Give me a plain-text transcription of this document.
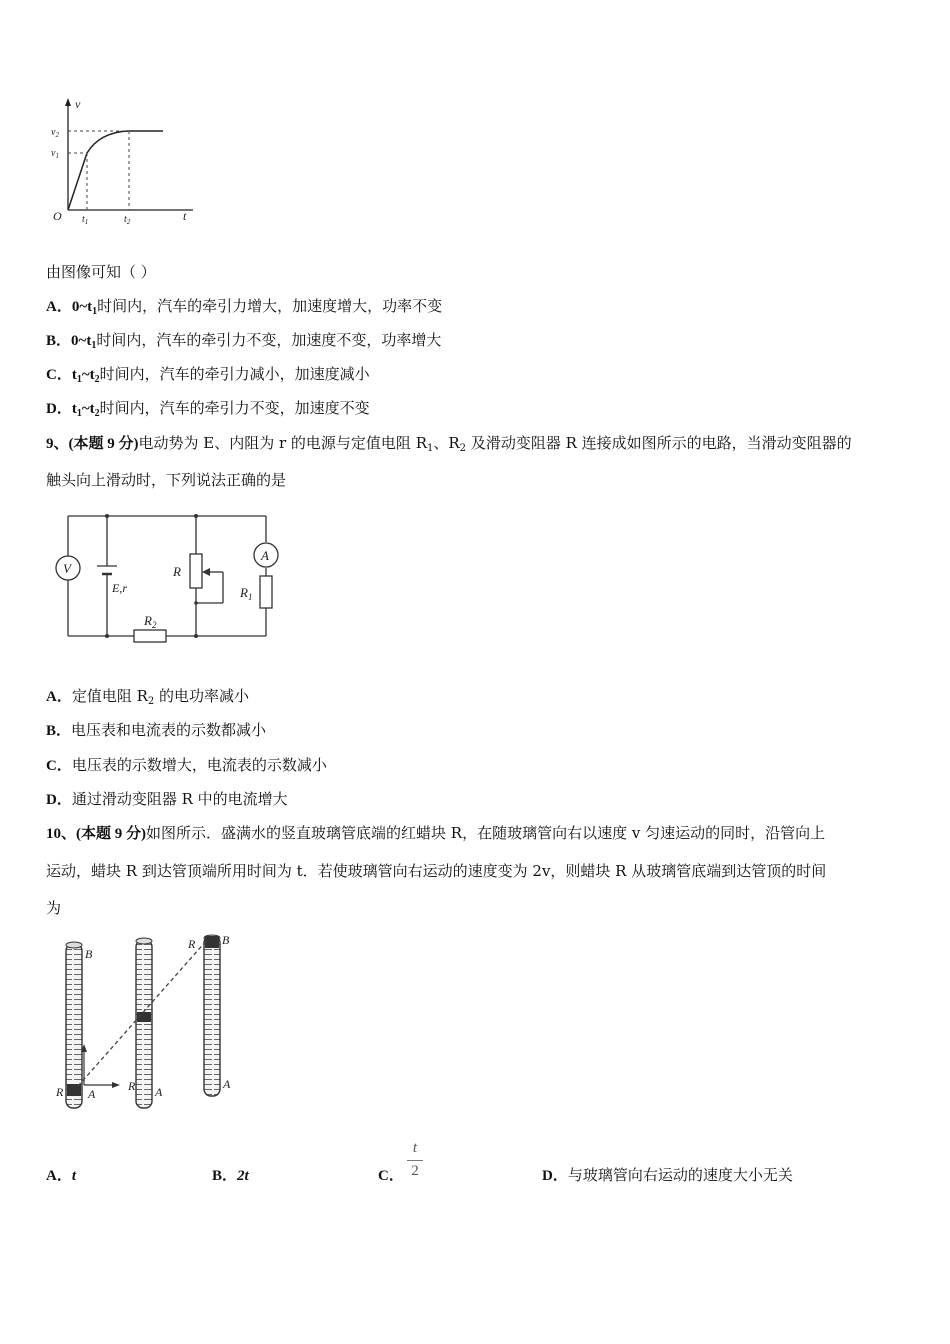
v
t
O
$v_2$
$v_1$
$t_1$	$t_2$
由图像可知（ ）
A．$0\sim t_1$时间内，汽车的牵引力增大，加速度增大，功率不变
B．$0\sim t_1$时间内，汽车的牵引力不变，加速度不变，功率增大
C．$t_1\sim t_2$时间内，汽车的牵引力减小，加速度减小
D．$t_1\sim t_2$时间内，汽车的牵引力不变，加速度不变
9、(本题 9 分)电动势为 E、内阻为 r 的电源与定值电阻 $R_1$、$R_2$ 及滑动变阻器 R 连接成如图所示的电路，当滑动变阻器的
触头向上滑动时，下列说法正确的是
V
E,r
R
A
$R_1$
$R_2$
A．定值电阻 $R_2$ 的电功率减小
B．电压表和电流表的示数都减小
C．电压表的示数增大，电流表的示数减小
D．通过滑动变阻器 R 中的电流增大
10、(本题 9 分)如图所示．盛满水的竖直玻璃管底端的红蜡块 R，在随玻璃管向右以速度 v 匀速运动的同时，沿管向上
运动，蜡块 R 到达管顶端所用时间为 t．若使玻璃管向右运动的速度变为 2v，则蜡块 R 从玻璃管底端到达管顶的时间
为
R A
B
R A
R B
A
A．t	B．2t	C．
t
2	D．与玻璃管向右运动的速度大小无关
